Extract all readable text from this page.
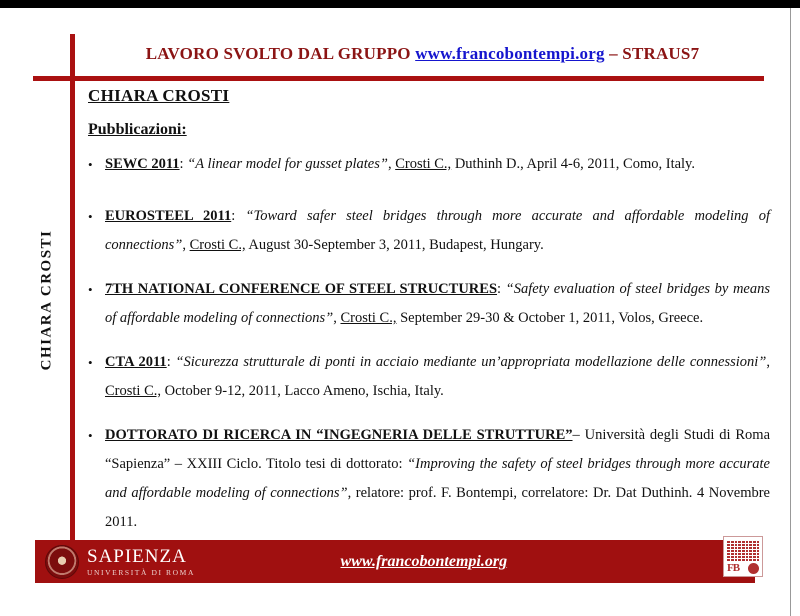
LAVORO SVOLTO DAL GRUPPO www.francobontempi.org – STRAUS7
CHIARA CROSTI
CHIARA CROSTI
Pubblicazioni:
• SEWC 2011: “A linear model for gusset plates”, Crosti C., Duthinh D., April 4-6, 2011, Como, Italy.
• EUROSTEEL 2011: “Toward safer steel bridges through more accurate and affordable modeling of connections”, Crosti C., August 30-September 3, 2011, Budapest, Hungary.
• 7TH NATIONAL CONFERENCE OF STEEL STRUCTURES: “Safety evaluation of steel bridges by means of affordable modeling of connections”, Crosti C., September 29-30 & October 1, 2011, Volos, Greece.
• CTA 2011: “Sicurezza strutturale di ponti in acciaio mediante un’appropriata modellazione delle connessioni”, Crosti C., October 9-12, 2011, Lacco Ameno, Ischia, Italy.
• DOTTORATO DI RICERCA IN “INGEGNERIA DELLE STRUTTURE”– Università degli Studi di Roma “Sapienza” – XXIII Ciclo. Titolo tesi di dottorato: “Improving the safety of steel bridges through more accurate and affordable modeling of connections”, relatore: prof. F. Bontempi, correlatore: Dr. Dat Duthinh. 4 Novembre 2011.
SAPIENZA
UNIVERSITÀ DI ROMA
www.francobontempi.org	FB
